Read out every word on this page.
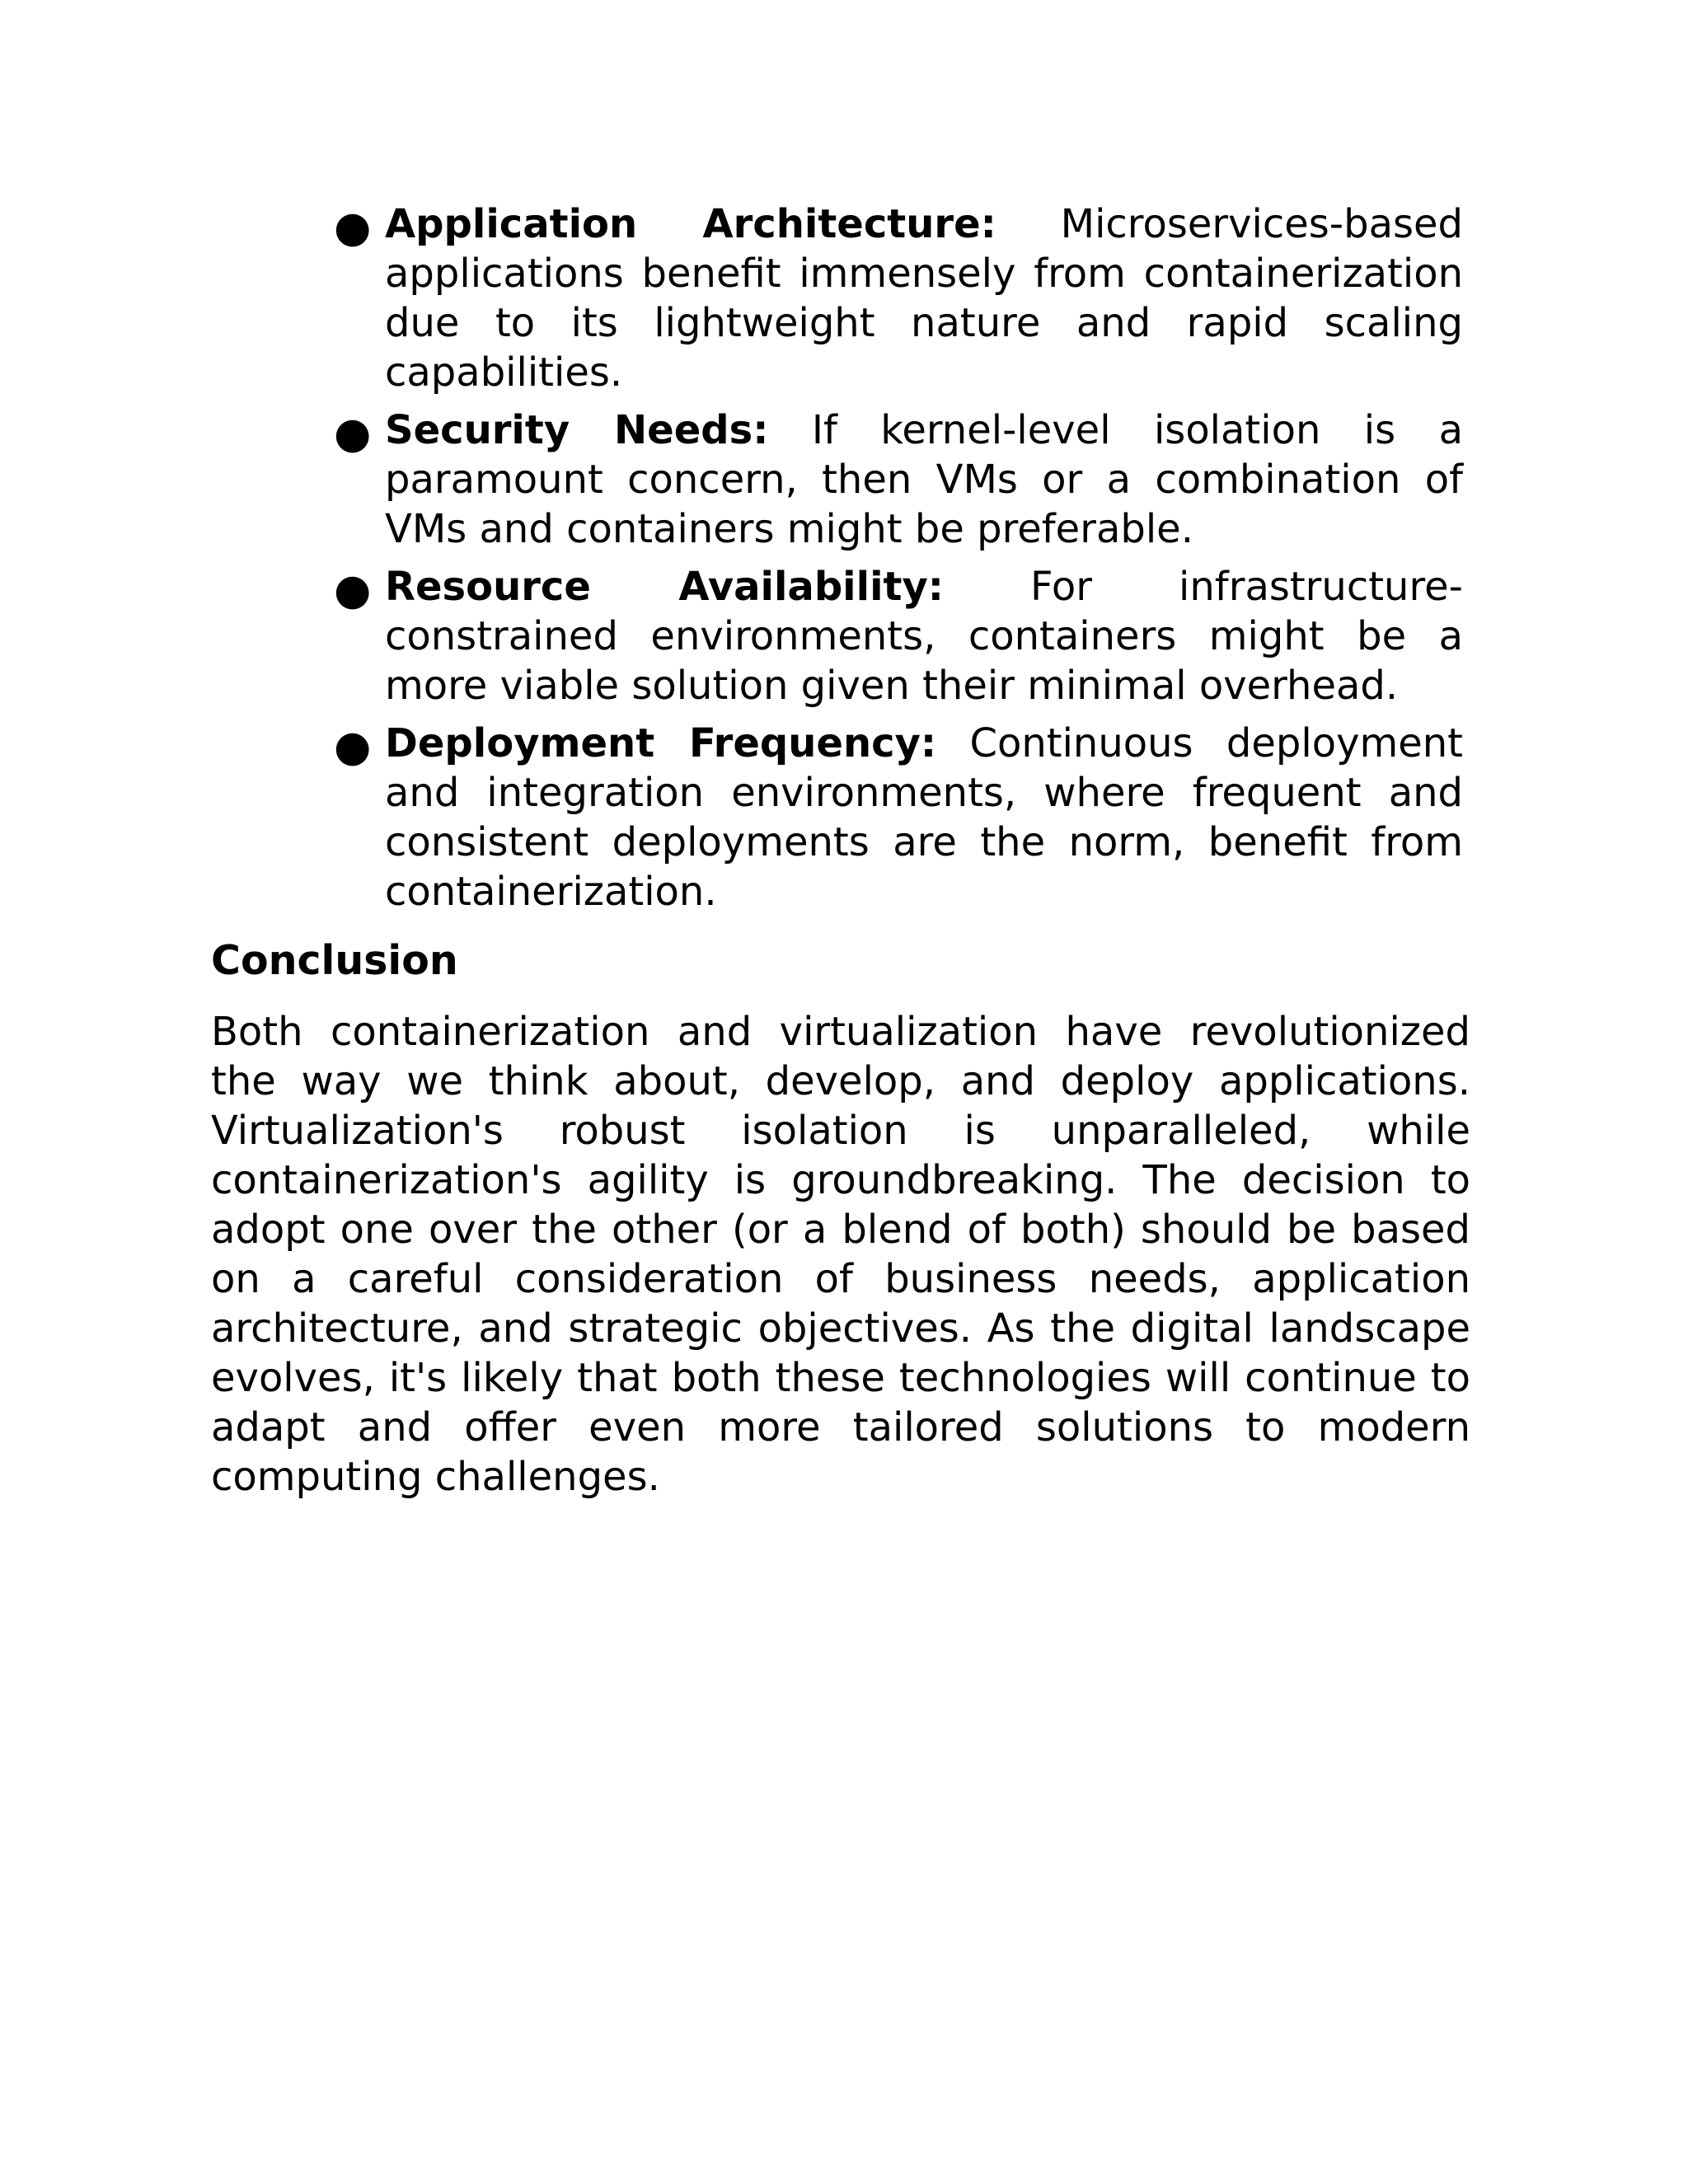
● Application Architecture: Microservices-based applications benefit immensely from containerization due to its lightweight nature and rapid scaling capabilities.
● Security Needs: If kernel-level isolation is a paramount concern, then VMs or a combination of VMs and containers might be preferable.
● Resource Availability: For infrastructure-constrained environments, containers might be a more viable solution given their minimal overhead.
● Deployment Frequency: Continuous deployment and integration environments, where frequent and consistent deployments are the norm, benefit from containerization.
Conclusion

Both containerization and virtualization have revolutionized the way we think about, develop, and deploy applications. Virtualization's robust isolation is unparalleled, while containerization's agility is groundbreaking. The decision to adopt one over the other (or a blend of both) should be based on a careful consideration of business needs, application architecture, and strategic objectives. As the digital landscape evolves, it's likely that both these technologies will continue to adapt and offer even more tailored solutions to modern computing challenges.
